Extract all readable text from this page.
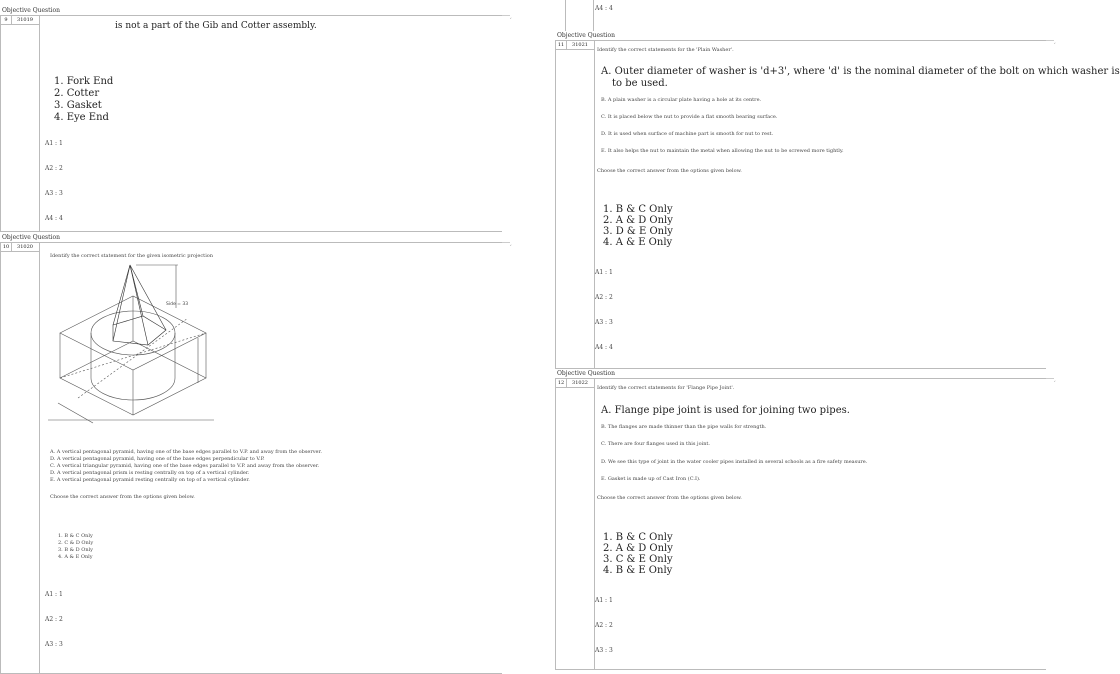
Objective Question
9	31019
is not a part of the Gib and Cotter assembly.
1. Fork End
2. Cotter
3. Gasket
4. Eye End
A1 : 1
A2 : 2
A3 : 3
A4 : 4
ˊ
Objective Question
10	31020
Identify the correct statement for the given isometric projection
Side = 33
A. A vertical pentagonal pyramid, having one of the base edges parallel to V.P. and away from the observer.
D. A vertical pentagonal pyramid, having one of the base edges perpendicular to V.P.
C. A vertical triangular pyramid, having one of the base edges parallel to V.P. and away from the observer.
D. A vertical pentagonal prism is resting centrally on top of a vertical cylinder.
E. A vertical pentagonal pyramid resting centrally on top of a vertical cylinder.
Choose the correct answer from the options given below.
1. B & C Only
2. C & D Only
3. B & D Only
4. A & E Only
A1 : 1
A2 : 2
A3 : 3
ˊ
A4 : 4
Objective Question
11	31021
Identify the correct statements for the 'Plain Washer'.
A. Outer diameter of washer is 'd+3', where 'd' is the nominal diameter of the bolt on which washer is
to be used.
B. A plain washer is a circular plate having a hole at its centre.
C. It is placed below the nut to provide a flat smooth bearing surface.
D. It is used when surface of machine part is smooth for nut to rest.
E. It also helps the nut to maintain the metal when allowing the nut to be screwed more tightly.
Choose the correct answer from the options given below.
1. B & C Only
2. A & D Only
3. D & E Only
4. A & E Only
A1 : 1
A2 : 2
A3 : 3
A4 : 4
ˊ
Objective Question
12	31022
Identify the correct statements for 'Flange Pipe Joint'.
A. Flange pipe joint is used for joining two pipes.
B. The flanges are made thinner than the pipe walls for strength.
C. There are four flanges used in this joint.
D. We see this type of joint in the water cooler pipes installed in several schools as a fire safety measure.
E. Gasket is made up of Cast Iron (C.I).
Choose the correct answer from the options given below.
1. B & C Only
2. A & D Only
3. C & E Only
4. B & E Only
A1 : 1
A2 : 2
A3 : 3
ˊ
